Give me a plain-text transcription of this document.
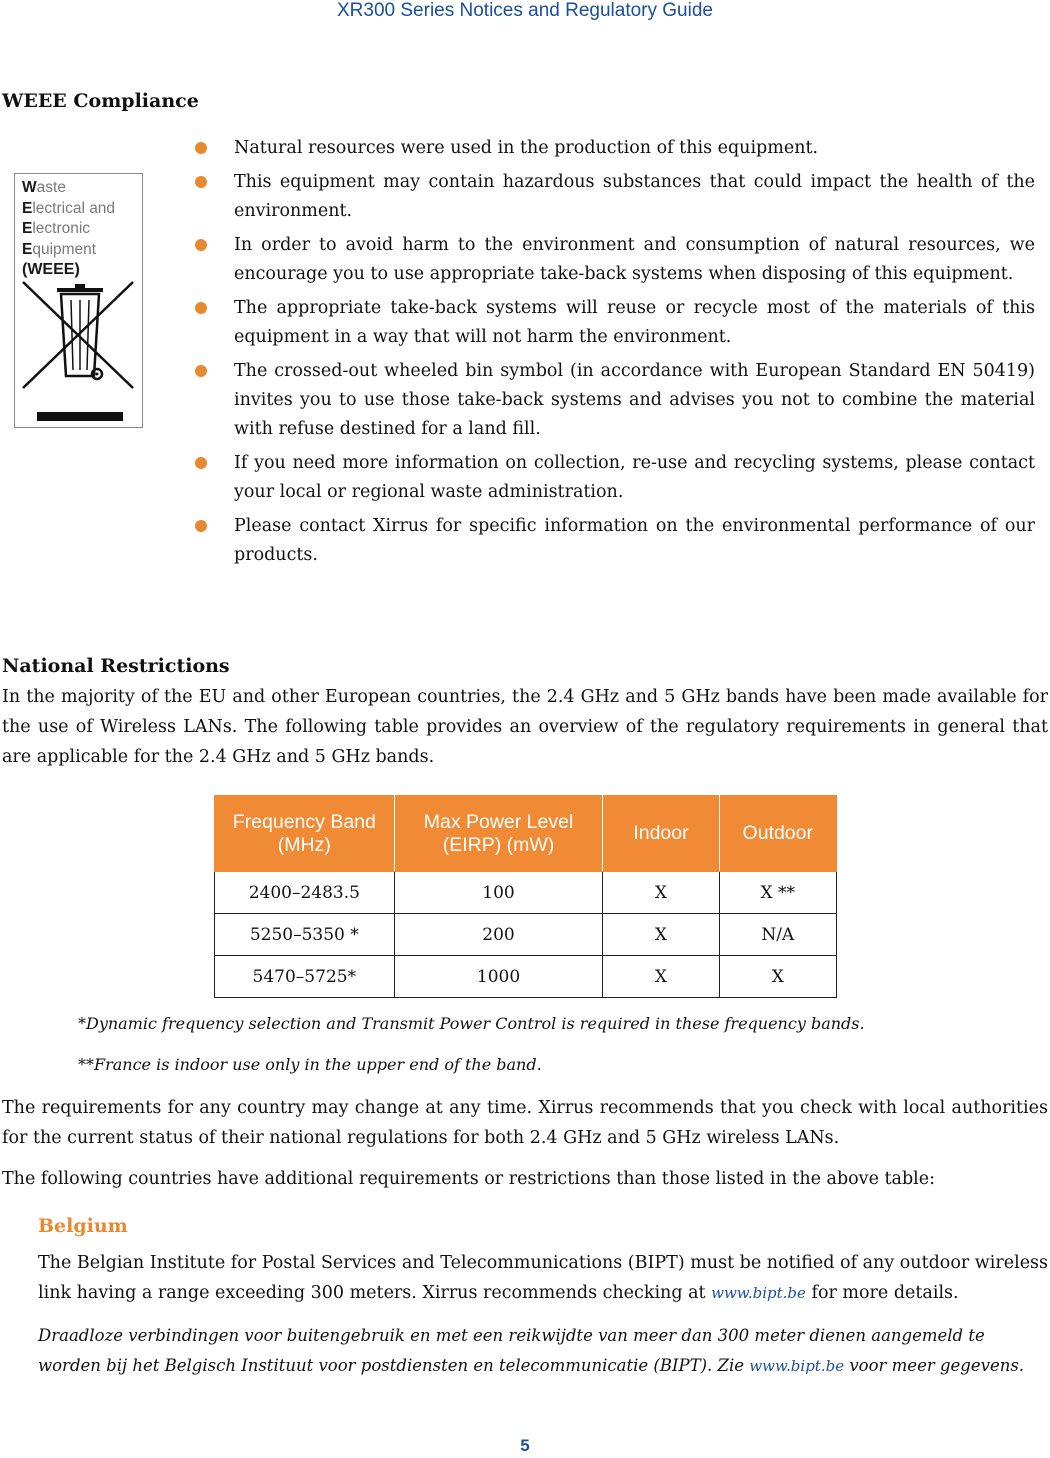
XR300 Series Notices and Regulatory Guide
WEEE Compliance
Waste
Electrical and
Electronic
Equipment
(WEEE)
Natural resources were used in the production of this equipment.
This equipment may contain hazardous substances that could impact the health of the environment.
In order to avoid harm to the environment and consumption of natural resources, we encourage you to use appropriate take-back systems when disposing of this equipment.
The appropriate take-back systems will reuse or recycle most of the materials of this equipment in a way that will not harm the environment.
The crossed-out wheeled bin symbol (in accordance with European Standard EN 50419) invites you to use those take-back systems and advises you not to combine the material with refuse destined for a land fill.
If you need more information on collection, re-use and recycling systems, please contact your local or regional waste administration.
Please contact Xirrus for specific information on the environmental performance of our products.
National Restrictions
In the majority of the EU and other European countries, the 2.4 GHz and 5 GHz bands have been made available for the use of Wireless LANs. The following table provides an overview of the regulatory requirements in general that are applicable for the 2.4 GHz and 5 GHz bands.
Frequency Band (MHz)	Max Power Level (EIRP) (mW)	Indoor	Outdoor
2400–2483.5	100	X	X **
5250–5350 *	200	X	N/A
5470–5725*	1000	X	X
*Dynamic frequency selection and Transmit Power Control is required in these frequency bands.
**France is indoor use only in the upper end of the band.
The requirements for any country may change at any time. Xirrus recommends that you check with local authorities for the current status of their national regulations for both 2.4 GHz and 5 GHz wireless LANs.
The following countries have additional requirements or restrictions than those listed in the above table:
Belgium
The Belgian Institute for Postal Services and Telecommunications (BIPT) must be notified of any outdoor wireless link having a range exceeding 300 meters. Xirrus recommends checking at www.bipt.be for more details.
Draadloze verbindingen voor buitengebruik en met een reikwijdte van meer dan 300 meter dienen aangemeld te worden bij het Belgisch Instituut voor postdiensten en telecommunicatie (BIPT). Zie www.bipt.be voor meer gegevens.
5
